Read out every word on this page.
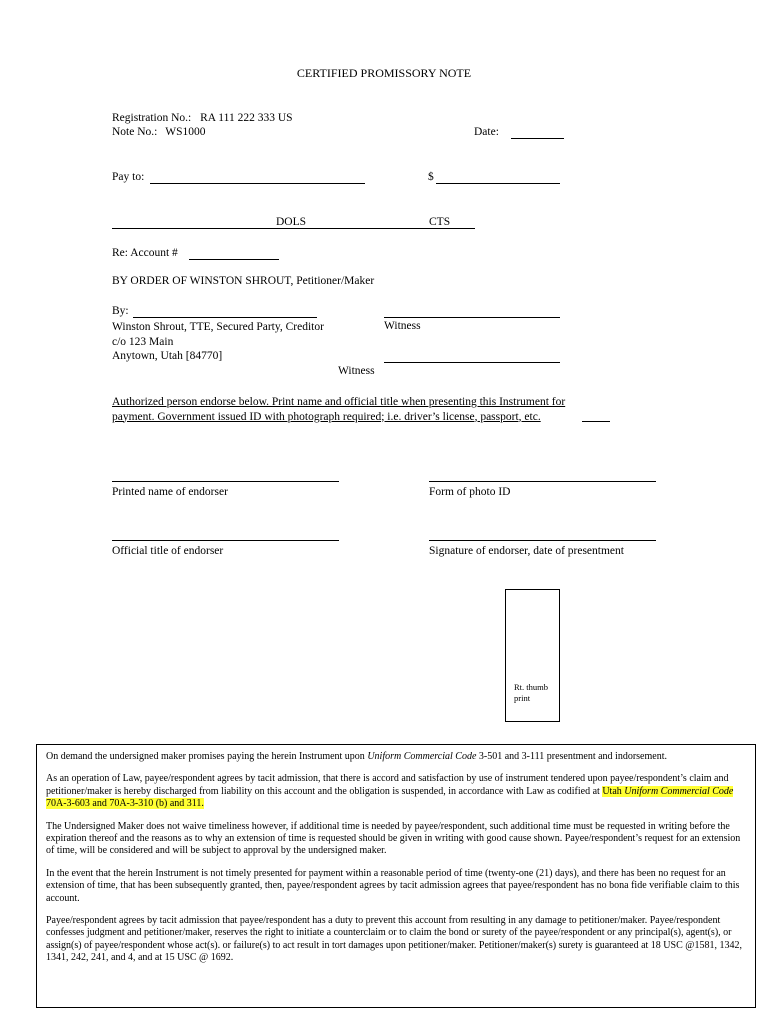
CERTIFIED PROMISSORY NOTE
Registration No.: RA 111 222 333 US
Note No.: WS1000	Date:
Pay to:	$
DOLS	CTS
Re: Account #
BY ORDER OF WINSTON SHROUT, Petitioner/Maker
By:
Winston Shrout, TTE, Secured Party, Creditor
c/o 123 Main
Anytown, Utah [84770]
Witness
Witness
Authorized person endorse below. Print name and official title when presenting this Instrument for
payment. Government issued ID with photograph required; i.e. driver’s license, passport, etc.
Printed name of endorser	Form of photo ID
Official title of endorser	Signature of endorser, date of presentment
Rt. thumb print

On demand the undersigned maker promises paying the herein Instrument upon Uniform Commercial Code 3-501 and 3-111 presentment and indorsement.

As an operation of Law, payee/respondent agrees by tacit admission, that there is accord and satisfaction by use of instrument tendered upon payee/respondent’s claim and petitioner/maker is hereby discharged from liability on this account and the obligation is suspended, in accordance with Law as codified at Utah Uniform Commercial Code 70A-3-603 and 70A-3-310 (b) and 311.

The Undersigned Maker does not waive timeliness however, if additional time is needed by payee/respondent, such additional time must be requested in writing before the expiration thereof and the reasons as to why an extension of time is requested should be given in writing with good cause shown. Payee/respondent’s request for an extension of time, will be considered and will be subject to approval by the undersigned maker.

In the event that the herein Instrument is not timely presented for payment within a reasonable period of time (twenty-one (21) days), and there has been no request for an extension of time, that has been subsequently granted, then, payee/respondent agrees by tacit admission agrees that payee/respondent has no bona fide verifiable claim to this account.

Payee/respondent agrees by tacit admission that payee/respondent has a duty to prevent this account from resulting in any damage to petitioner/maker. Payee/respondent confesses judgment and petitioner/maker, reserves the right to initiate a counterclaim or to claim the bond or surety of the payee/respondent or any principal(s), agent(s), or assign(s) of payee/respondent whose act(s). or failure(s) to act result in tort damages upon petitioner/maker. Petitioner/maker(s) surety is guaranteed at 18 USC @1581, 1342, 1341, 242, 241, and 4, and at 15 USC @ 1692.
